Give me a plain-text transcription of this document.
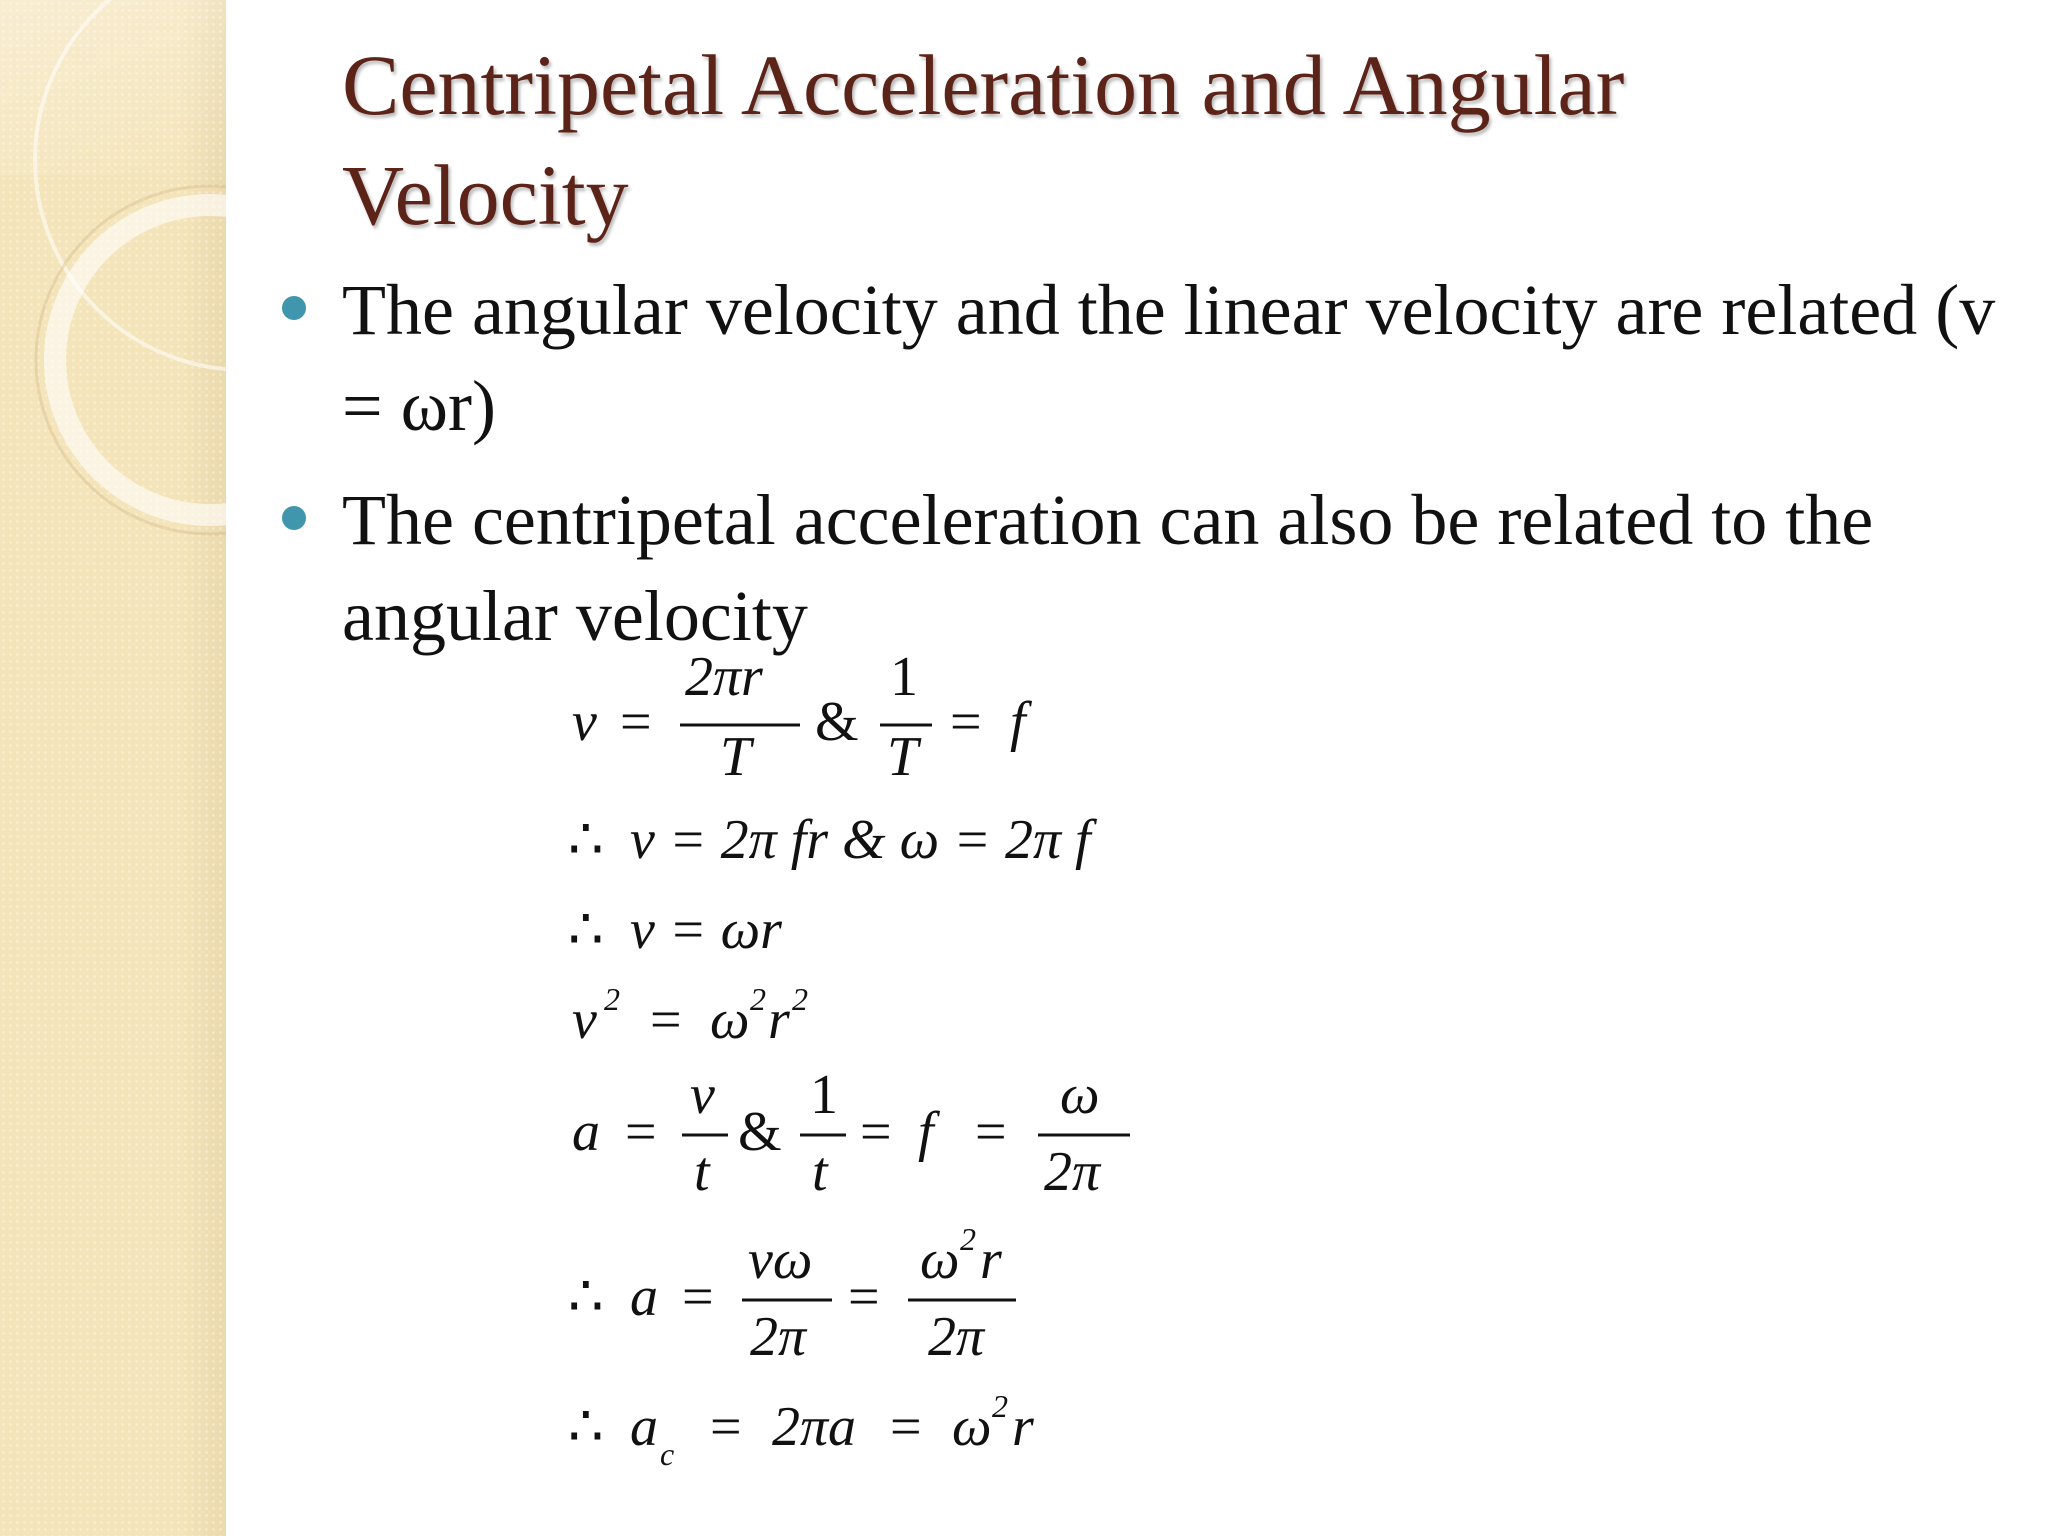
Centripetal Acceleration and Angular Velocity
The angular velocity and the linear velocity are related (v = ωr)
The centripetal acceleration can also be related to the angular velocity
v =
2πr
T
&
1
T
= f
∴ v = 2π fr & ω = 2π f
∴ v = ωr
v 2 = ω 2 r 2
a =
v
t
&
1
t
= f =
ω
2π
∴ a =
vω
2π
=
ω 2 r
2π
∴ a c = 2πa = ω 2 r
